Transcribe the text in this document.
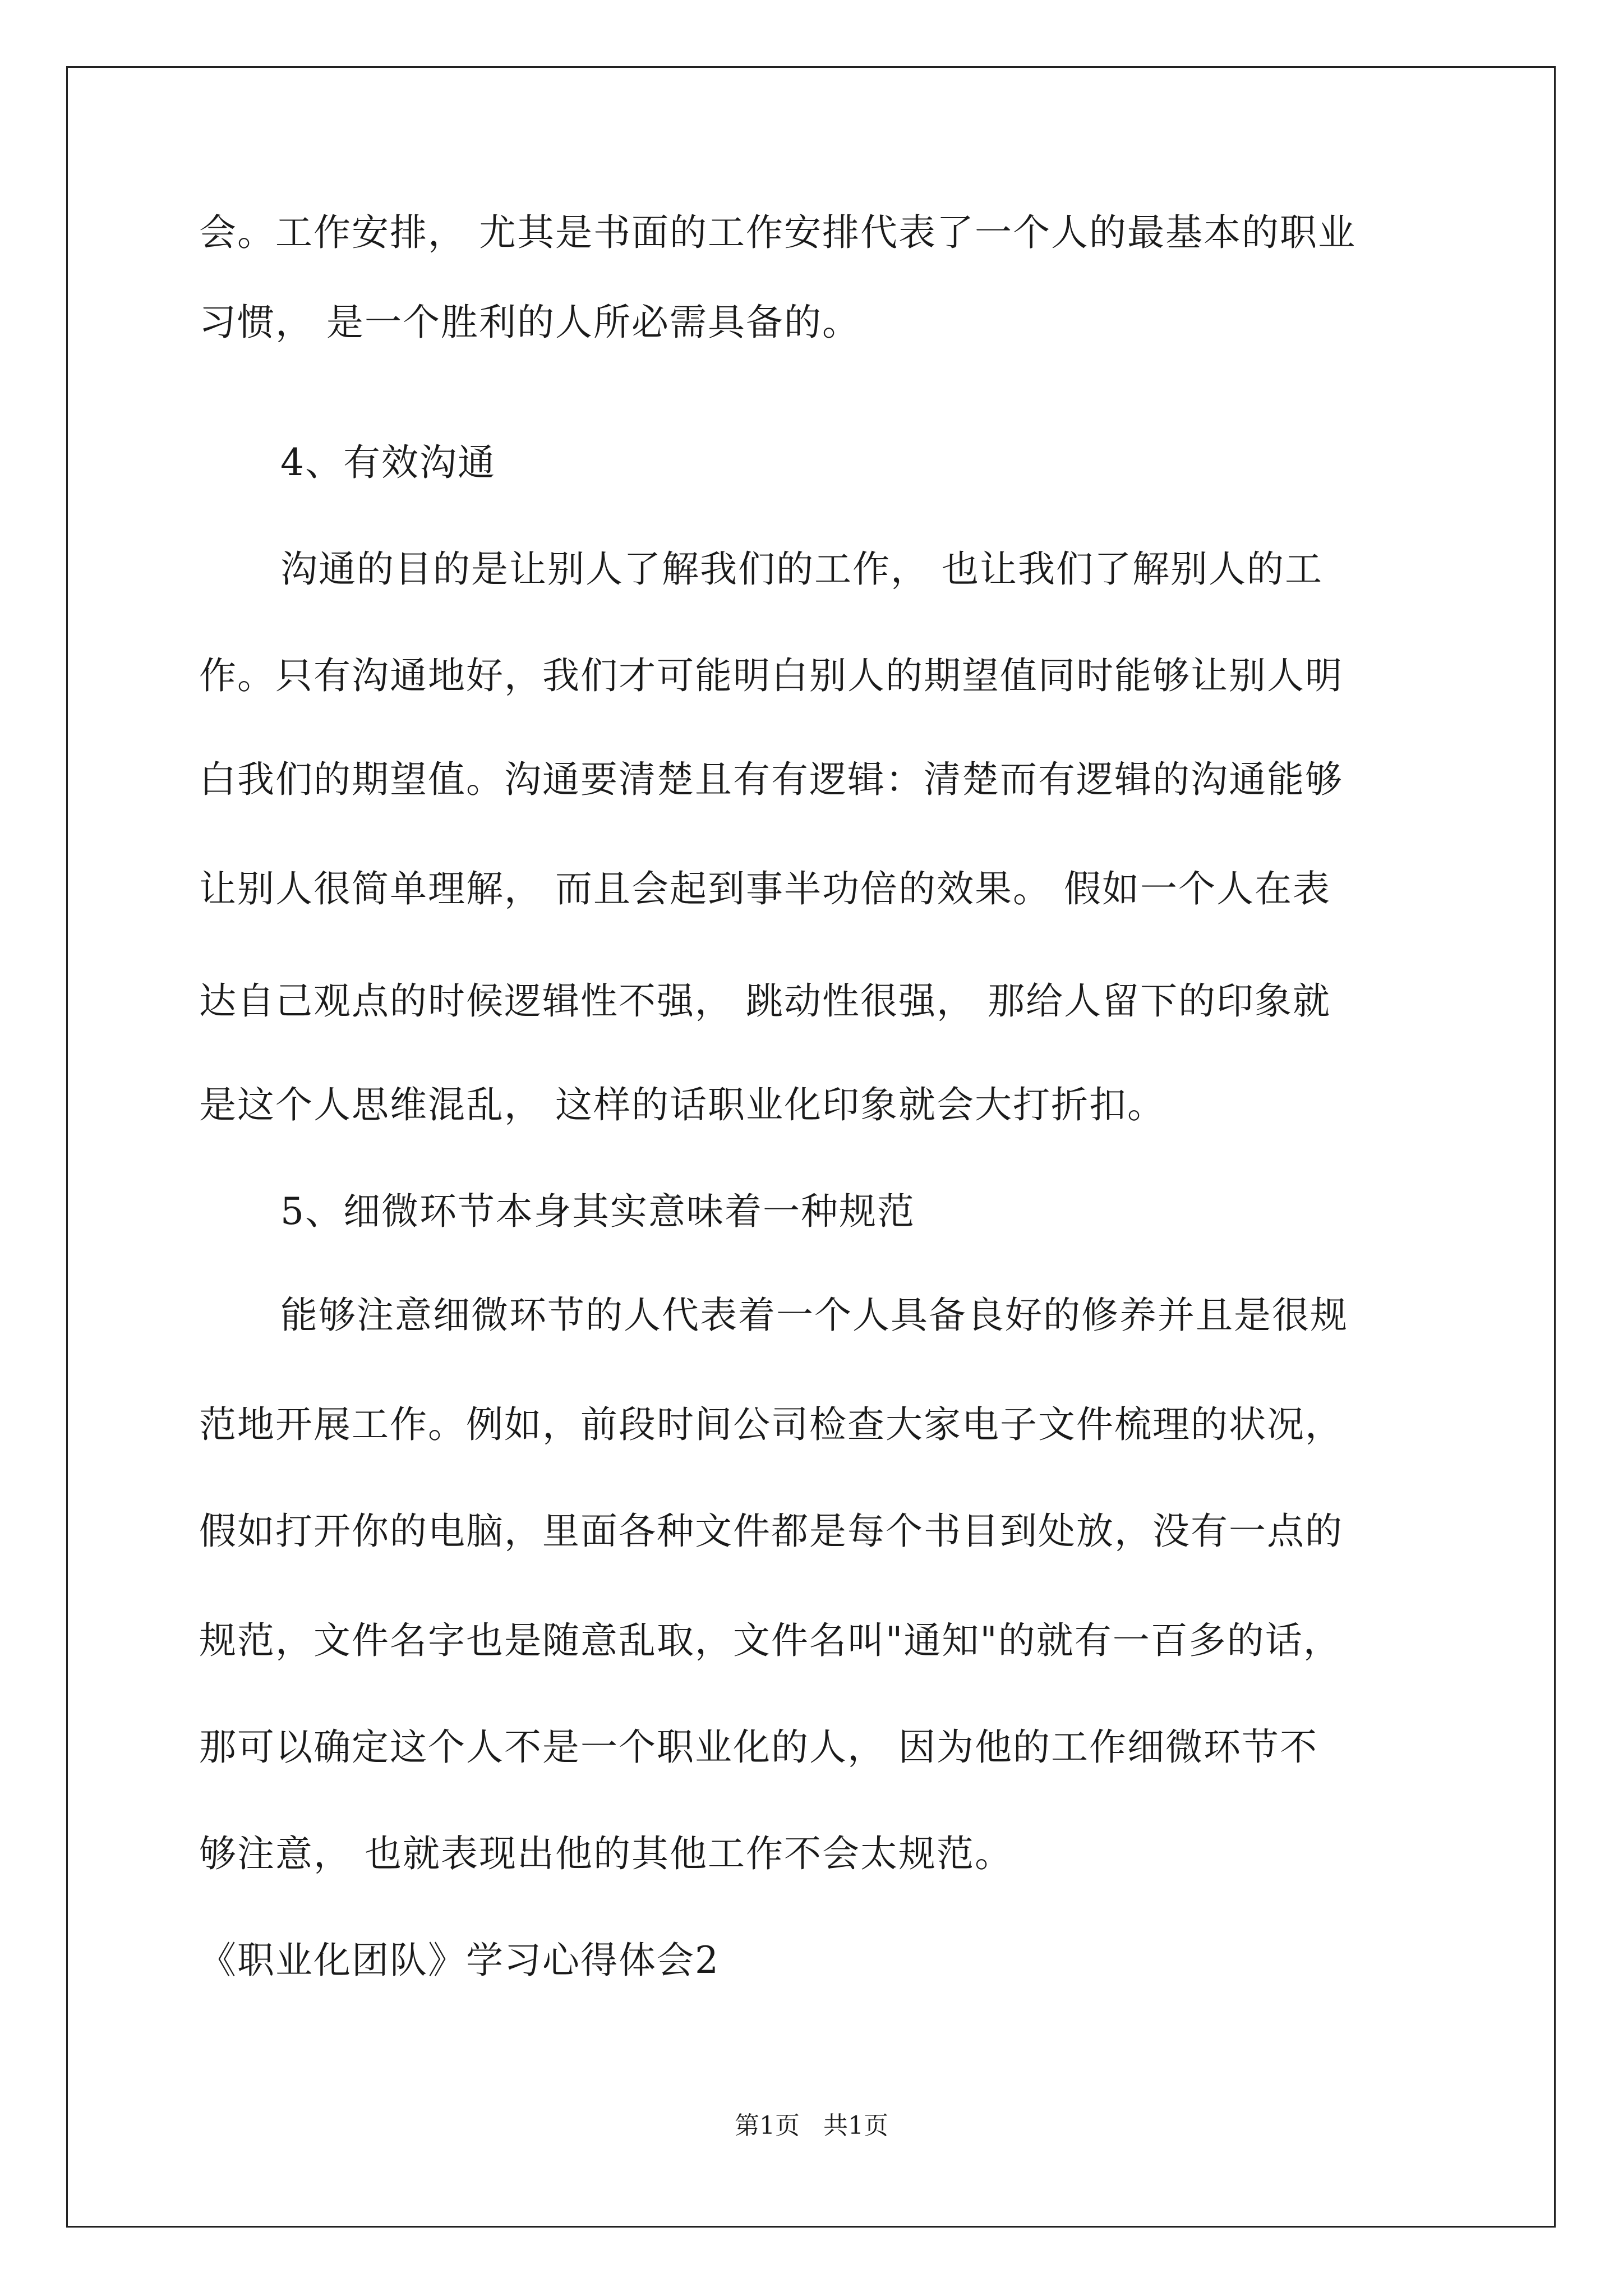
会。工作安排， 尤其是书面的工作安排代表了一个人的最基本的职业
习惯， 是一个胜利的人所必需具备的。
4、有效沟通
沟通的目的是让别人了解我们的工作， 也让我们了解别人的工
作。只有沟通地好，我们才可能明白别人的期望值同时能够让别人明
白我们的期望值。沟通要清楚且有有逻辑：清楚而有逻辑的沟通能够
让别人很简单理解， 而且会起到事半功倍的效果。 假如一个人在表
达自己观点的时候逻辑性不强， 跳动性很强， 那给人留下的印象就
是这个人思维混乱， 这样的话职业化印象就会大打折扣。
5、细微环节本身其实意味着一种规范
能够注意细微环节的人代表着一个人具备良好的修养并且是很规
范地开展工作。例如，前段时间公司检查大家电子文件梳理的状况，
假如打开你的电脑，里面各种文件都是每个书目到处放，没有一点的
规范，文件名字也是随意乱取，文件名叫"通知"的就有一百多的话，
那可以确定这个人不是一个职业化的人， 因为他的工作细微环节不
够注意， 也就表现出他的其他工作不会太规范。
《职业化团队》学习心得体会2
第1页   共1页
